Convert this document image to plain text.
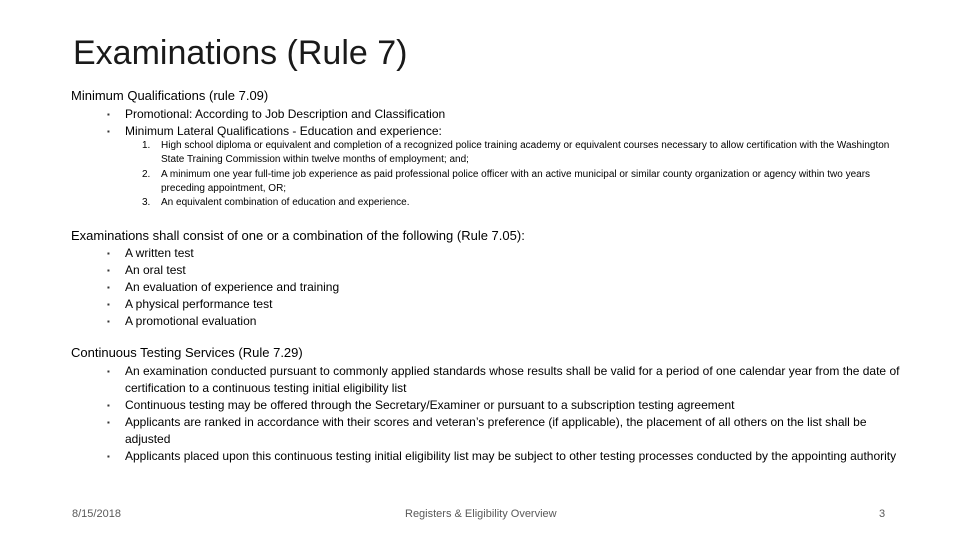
Examinations (Rule 7)
Minimum Qualifications (rule 7.09)
▪ Promotional: According to Job Description and Classification
▪ Minimum Lateral Qualifications - Education and experience:
1. High school diploma or equivalent and completion of a recognized police training academy or equivalent courses necessary to allow certification with the Washington State Training Commission within twelve months of employment; and;
2. A minimum one year full-time job experience as paid professional police officer with an active municipal or similar county organization or agency within two years preceding appointment, OR;
3. An equivalent combination of education and experience.
Examinations shall consist of one or a combination of the following (Rule 7.05):
▪ A written test
▪ An oral test
▪ An evaluation of experience and training
▪ A physical performance test
▪ A promotional evaluation
Continuous Testing Services (Rule 7.29)
▪ An examination conducted pursuant to commonly applied standards whose results shall be valid for a period of one calendar year from the date of certification to a continuous testing initial eligibility list
▪ Continuous testing may be offered through the Secretary/Examiner or pursuant to a subscription testing agreement
▪ Applicants are ranked in accordance with their scores and veteran’s preference (if applicable), the placement of all others on the list shall be adjusted
▪ Applicants placed upon this continuous testing initial eligibility list may be subject to other testing processes conducted by the appointing authority
8/15/2018	Registers & Eligibility Overview	3
